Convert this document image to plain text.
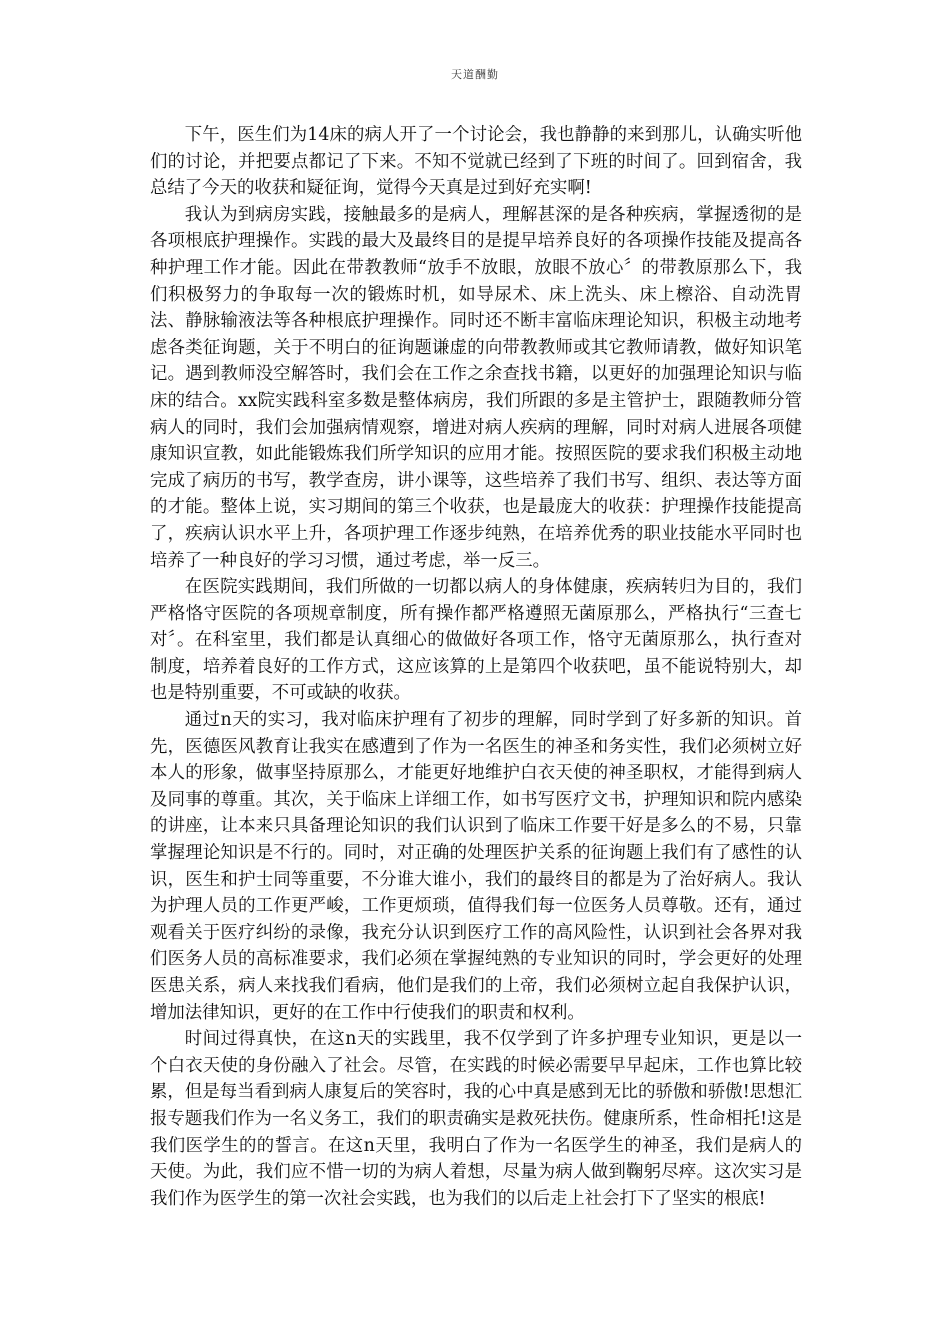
天道酬勤

下午，医生们为14床的病人开了一个讨论会，我也静静的来到那儿，认确实听他们的讨论，并把要点都记了下来。不知不觉就已经到了下班的时间了。回到宿舍，我总结了今天的收获和疑征询，觉得今天真是过到好充实啊!

我认为到病房实践，接触最多的是病人，理解甚深的是各种疾病，掌握透彻的是各项根底护理操作。实践的最大及最终目的是提早培养良好的各项操作技能及提高各种护理工作才能。因此在带教教师“放手不放眼，放眼不放心〞的带教原那么下，我们积极努力的争取每一次的锻炼时机，如导尿术、床上洗头、床上檫浴、自动洗胃法、静脉输液法等各种根底护理操作。同时还不断丰富临床理论知识，积极主动地考虑各类征询题，关于不明白的征询题谦虚的向带教教师或其它教师请教，做好知识笔记。遇到教师没空解答时，我们会在工作之余查找书籍，以更好的加强理论知识与临床的结合。xx院实践科室多数是整体病房，我们所跟的多是主管护士，跟随教师分管病人的同时，我们会加强病情观察，增进对病人疾病的理解，同时对病人进展各项健康知识宣教，如此能锻炼我们所学知识的应用才能。按照医院的要求我们积极主动地完成了病历的书写，教学查房，讲小课等，这些培养了我们书写、组织、表达等方面的才能。整体上说，实习期间的第三个收获，也是最庞大的收获：护理操作技能提高了，疾病认识水平上升，各项护理工作逐步纯熟，在培养优秀的职业技能水平同时也培养了一种良好的学习习惯，通过考虑，举一反三。

在医院实践期间，我们所做的一切都以病人的身体健康，疾病转归为目的，我们严格恪守医院的各项规章制度，所有操作都严格遵照无菌原那么，严格执行“三查七对〞。在科室里，我们都是认真细心的做做好各项工作，恪守无菌原那么，执行查对制度，培养着良好的工作方式，这应该算的上是第四个收获吧，虽不能说特别大，却也是特别重要，不可或缺的收获。

通过n天的实习，我对临床护理有了初步的理解，同时学到了好多新的知识。首先，医德医风教育让我实在感遭到了作为一名医生的神圣和务实性，我们必须树立好本人的形象，做事坚持原那么，才能更好地维护白衣天使的神圣职权，才能得到病人及同事的尊重。其次，关于临床上详细工作，如书写医疗文书，护理知识和院内感染的讲座，让本来只具备理论知识的我们认识到了临床工作要干好是多么的不易，只靠掌握理论知识是不行的。同时，对正确的处理医护关系的征询题上我们有了感性的认识，医生和护士同等重要，不分谁大谁小，我们的最终目的都是为了治好病人。我认为护理人员的工作更严峻，工作更烦琐，值得我们每一位医务人员尊敬。还有，通过观看关于医疗纠纷的录像，我充分认识到医疗工作的高风险性，认识到社会各界对我们医务人员的高标准要求，我们必须在掌握纯熟的专业知识的同时，学会更好的处理医患关系，病人来找我们看病，他们是我们的上帝，我们必须树立起自我保护认识，增加法律知识，更好的在工作中行使我们的职责和权利。

时间过得真快，在这n天的实践里，我不仅学到了许多护理专业知识，更是以一个白衣天使的身份融入了社会。尽管，在实践的时候必需要早早起床，工作也算比较累，但是每当看到病人康复后的笑容时，我的心中真是感到无比的骄傲和骄傲!思想汇报专题我们作为一名义务工，我们的职责确实是救死扶伤。健康所系，性命相托!这是我们医学生的的誓言。在这n天里，我明白了作为一名医学生的神圣，我们是病人的天使。为此，我们应不惜一切的为病人着想，尽量为病人做到鞠躬尽瘁。这次实习是我们作为医学生的第一次社会实践，也为我们的以后走上社会打下了坚实的根底!
